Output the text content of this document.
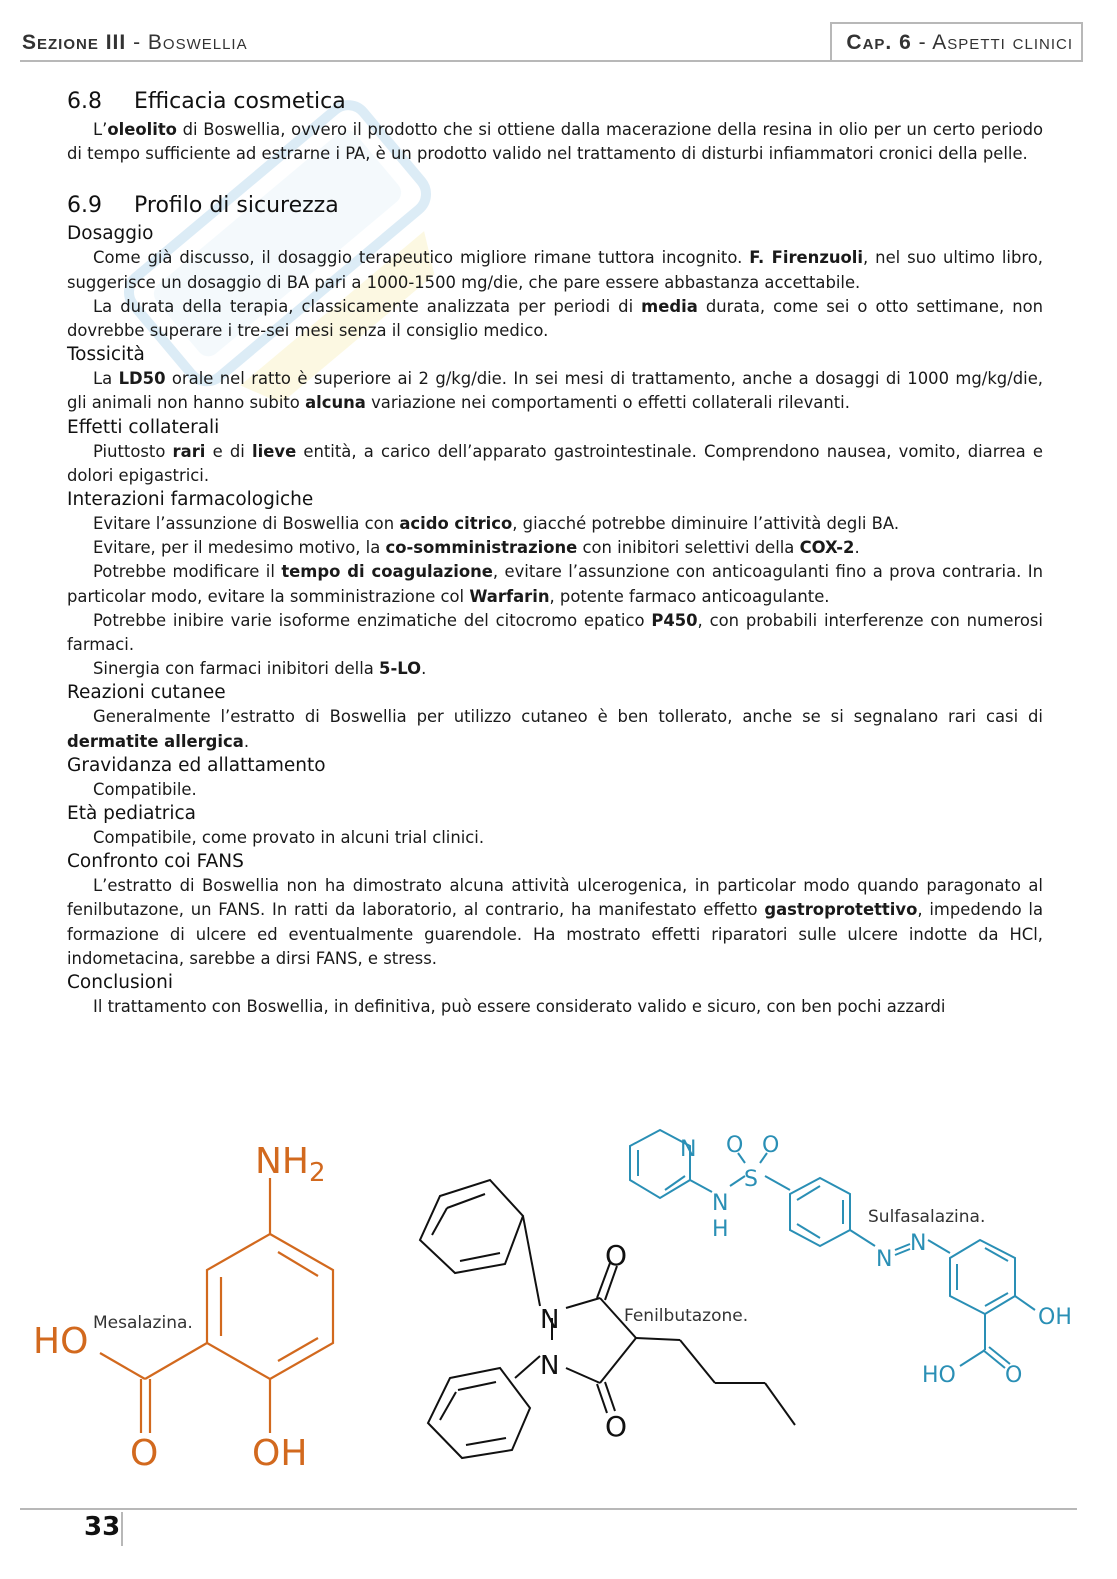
Sezione III - Boswellia	Cap. 6 - Aspetti clinici
6.8 Efficacia cosmetica

L’oleolito di Boswellia, ovvero il prodotto che si ottiene dalla macerazione della resina in olio per un certo periodo di tempo sufficiente ad estrarne i PA, è un prodotto valido nel trattamento di disturbi infiammatori cronici della pelle.

6.9 Profilo di sicurezza
Dosaggio

Come già discusso, il dosaggio terapeutico migliore rimane tuttora incognito. F. Firenzuoli, nel suo ultimo libro, suggerisce un dosaggio di BA pari a 1000-1500 mg/die, che pare essere abbastanza accettabile.

La durata della terapia, classicamente analizzata per periodi di media durata, come sei o otto settimane, non dovrebbe superare i tre-sei mesi senza il consiglio medico.

Tossicità

La LD50 orale nel ratto è superiore ai 2 g/kg/die. In sei mesi di trattamento, anche a dosaggi di 1000 mg/kg/die, gli animali non hanno subito alcuna variazione nei comportamenti o effetti collaterali rilevanti.

Effetti collaterali

Piuttosto rari e di lieve entità, a carico dell’apparato gastrointestinale. Comprendono nausea, vomito, diarrea e dolori epigastrici.

Interazioni farmacologiche

Evitare l’assunzione di Boswellia con acido citrico, giacché potrebbe diminuire l’attività degli BA.

Evitare, per il medesimo motivo, la co-somministrazione con inibitori selettivi della COX-2.

Potrebbe modificare il tempo di coagulazione, evitare l’assunzione con anticoagulanti fino a prova contraria. In particolar modo, evitare la somministrazione col Warfarin, potente farmaco anticoagulante.

Potrebbe inibire varie isoforme enzimatiche del citocromo epatico P450, con probabili interferenze con numerosi farmaci.

Sinergia con farmaci inibitori della 5-LO.

Reazioni cutanee

Generalmente l’estratto di Boswellia per utilizzo cutaneo è ben tollerato, anche se si segnalano rari casi di dermatite allergica.

Gravidanza ed allattamento

Compatibile.

Età pediatrica

Compatibile, come provato in alcuni trial clinici.

Confronto coi FANS

L’estratto di Boswellia non ha dimostrato alcuna attività ulcerogenica, in particolar modo quando paragonato al fenilbutazone, un FANS. In ratti da laboratorio, al contrario, ha manifestato effetto gastroprotettivo, impedendo la formazione di ulcere ed eventualmente guarendole. Ha mostrato effetti riparatori sulle ulcere indotte da HCl, indometacina, sarebbe a dirsi FANS, e stress.

Conclusioni

Il trattamento con Boswellia, in definitiva, può essere considerato valido e sicuro, con ben pochi azzardi

$NH_2$
HO
O	OH
Mesalazina.	N
N
O
O
Fenilbutazone.
N
N
H
S
O O
N
N
OH
HO O
Sulfasalazina.
33
